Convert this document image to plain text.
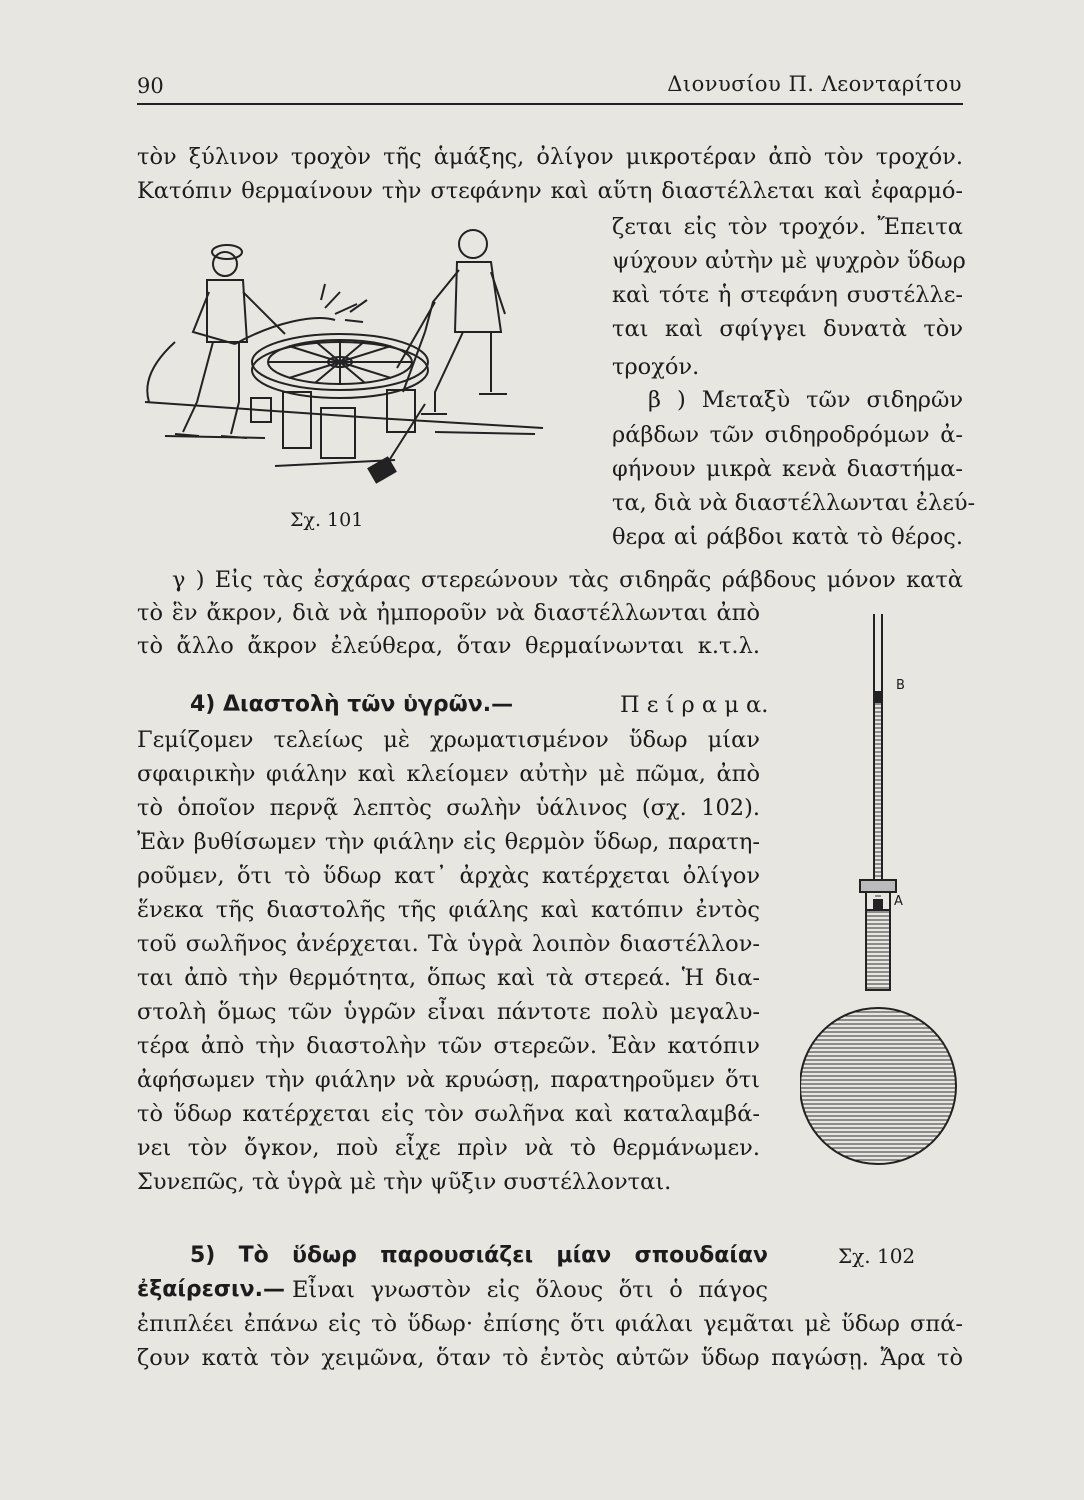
90	Διονυσίου Π. Λεονταρίτου
τὸν ξύλινον τροχὸν τῆς ἁμάξης, ὀλίγον μικροτέραν ἀπὸ τὸν τροχόν.
Κατόπιν θερμαίνουν τὴν στεφάνην καὶ αὕτη διαστέλλεται καὶ ἐφαρμό-
ζεται εἰς τὸν τροχόν. Ἔπειτα
ψύχουν αὐτὴν μὲ ψυχρὸν ὕδωρ
καὶ τότε ἡ στεφάνη συστέλλε-
ται καὶ σφίγγει δυνατὰ τὸν
τροχόν.
β ) Μεταξὺ τῶν σιδηρῶν
ράβδων τῶν σιδηροδρόμων ἀ-
φήνουν μικρὰ κενὰ διαστήμα-
τα, διὰ νὰ διαστέλλωνται ἐλεύ-
θερα αἱ ράβδοι κατὰ τὸ θέρος.
Σχ. 101
γ ) Εἰς τὰς ἐσχάρας στερεώνουν τὰς σιδηρᾶς ράβδους μόνον κατὰ
τὸ ἓν ἄκρον, διὰ νὰ ἠμποροῦν νὰ διαστέλλωνται ἀπὸ
τὸ ἄλλο ἄκρον ἐλεύθερα, ὅταν θερμαίνωνται κ.τ.λ.
4) Διαστολὴ τῶν ὑγρῶν.—	Π ε ί ρ α μ α.
Γεμίζομεν τελείως μὲ χρωματισμένον ὕδωρ μίαν
σφαιρικὴν φιάλην καὶ κλείομεν αὐτὴν μὲ πῶμα, ἀπὸ
τὸ ὁποῖον περνᾷ λεπτὸς σωλὴν ὑάλινος (σχ. 102).
Ἐὰν βυθίσωμεν τὴν φιάλην εἰς θερμὸν ὕδωρ, παρατη-
ροῦμεν, ὅτι τὸ ὕδωρ κατ᾽ ἀρχὰς κατέρχεται ὀλίγον
ἕνεκα τῆς διαστολῆς τῆς φιάλης καὶ κατόπιν ἐντὸς
τοῦ σωλῆνος ἀνέρχεται. Τὰ ὑγρὰ λοιπὸν διαστέλλον-
ται ἀπὸ τὴν θερμότητα, ὅπως καὶ τὰ στερεά. Ἡ δια-
στολὴ ὅμως τῶν ὑγρῶν εἶναι πάντοτε πολὺ μεγαλυ-
τέρα ἀπὸ τὴν διαστολὴν τῶν στερεῶν. Ἐὰν κατόπιν
ἀφήσωμεν τὴν φιάλην νὰ κρυώσῃ, παρατηροῦμεν ὅτι
τὸ ὕδωρ κατέρχεται εἰς τὸν σωλῆνα καὶ καταλαμβά-
νει τὸν ὄγκον, ποὺ εἶχε πρὶν νὰ τὸ θερμάνωμεν.
Συνεπῶς, τὰ ὑγρὰ μὲ τὴν ψῦξιν συστέλλονται.
B
A
5) Τὸ ὕδωρ παρουσιάζει μίαν σπουδαίαν	Σχ. 102
ἐξαίρεσιν.— Εἶναι γνωστὸν εἰς ὅλους ὅτι ὁ πάγος
ἐπιπλέει ἐπάνω εἰς τὸ ὕδωρ· ἐπίσης ὅτι φιάλαι γεμᾶται μὲ ὕδωρ σπά-
ζουν κατὰ τὸν χειμῶνα, ὅταν τὸ ἐντὸς αὐτῶν ὕδωρ παγώσῃ. Ἄρα τὸ
